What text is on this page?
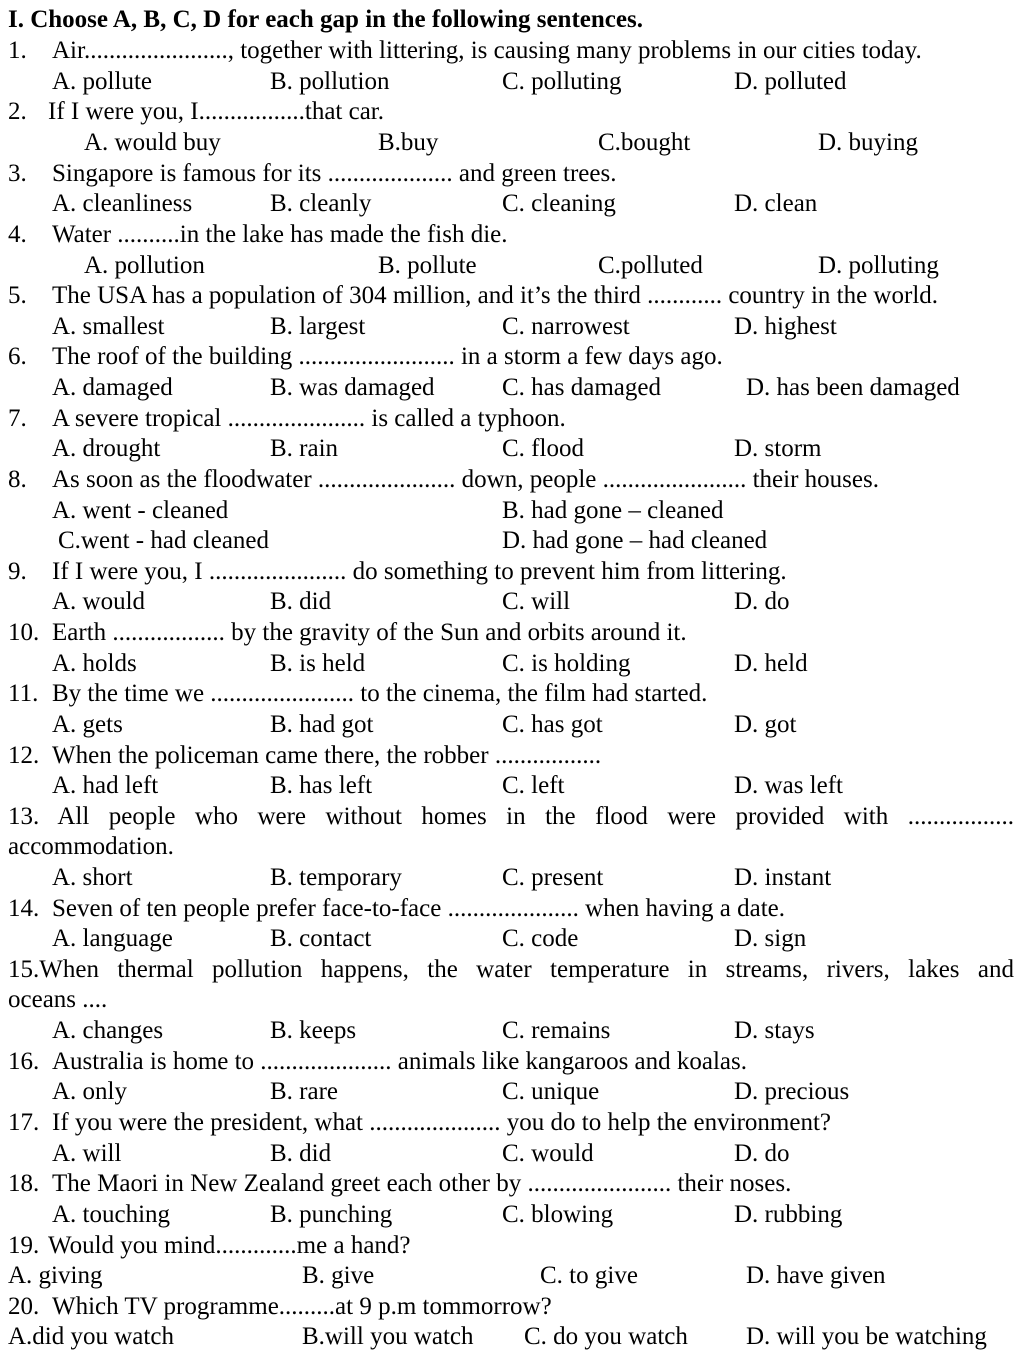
I. Choose A, B, C, D for each gap in the following sentences.
1. Air......................., together with littering, is causing many problems in our cities today.
A. pollute	B. pollution	C. polluting	D. polluted
2. If I were you, I.................that car.
A. would buy	B.buy	C.bought	D. buying
3. Singapore is famous for its .................... and green trees.
A. cleanliness	B. cleanly	C. cleaning	D. clean
4. Water ..........in the lake has made the fish die.
A. pollution	B. pollute	C.polluted	D. polluting
5. The USA has a population of 304 million, and it’s the third ............ country in the world.
A. smallest	B. largest	C. narrowest	D. highest
6. The roof of the building ......................... in a storm a few days ago.
A. damaged	B. was damaged	C. has damaged	D. has been damaged
7. A severe tropical ...................... is called a typhoon.
A. drought	B. rain	C. flood	D. storm
8. As soon as the floodwater ...................... down, people ....................... their houses.
A. went - cleaned	B. had gone – cleaned
C.went - had cleaned	D. had gone – had cleaned
9. If I were you, I ...................... do something to prevent him from littering.
A. would	B. did	C. will	D. do
10. Earth .................. by the gravity of the Sun and orbits around it.
A. holds	B. is held	C. is holding	D. held
11. By the time we ....................... to the cinema, the film had started.
A. gets	B. had got	C. has got	D. got
12. When the policeman came there, the robber .................
A. had left	B. has left	C. left	D. was left
13. All people who were without homes in the flood were provided with .................
accommodation.
A. short	B. temporary	C. present	D. instant
14. Seven of ten people prefer face-to-face ..................... when having a date.
A. language	B. contact	C. code	D. sign
15.When thermal pollution happens, the water temperature in streams, rivers, lakes and
oceans ....
A. changes	B. keeps	C. remains	D. stays
16. Australia is home to ..................... animals like kangaroos and koalas.
A. only	B. rare	C. unique	D. precious
17. If you were the president, what ..................... you do to help the environment?
A. will	B. did	C. would	D. do
18. The Maori in New Zealand greet each other by ....................... their noses.
A. touching	B. punching	C. blowing	D. rubbing
19. Would you mind.............me a hand?
A. giving	B. give	C. to give	D. have given
20. Which TV programme.........at 9 p.m tommorrow?
A.did you watch	B.will you watch C. do you watch D. will you be watching
